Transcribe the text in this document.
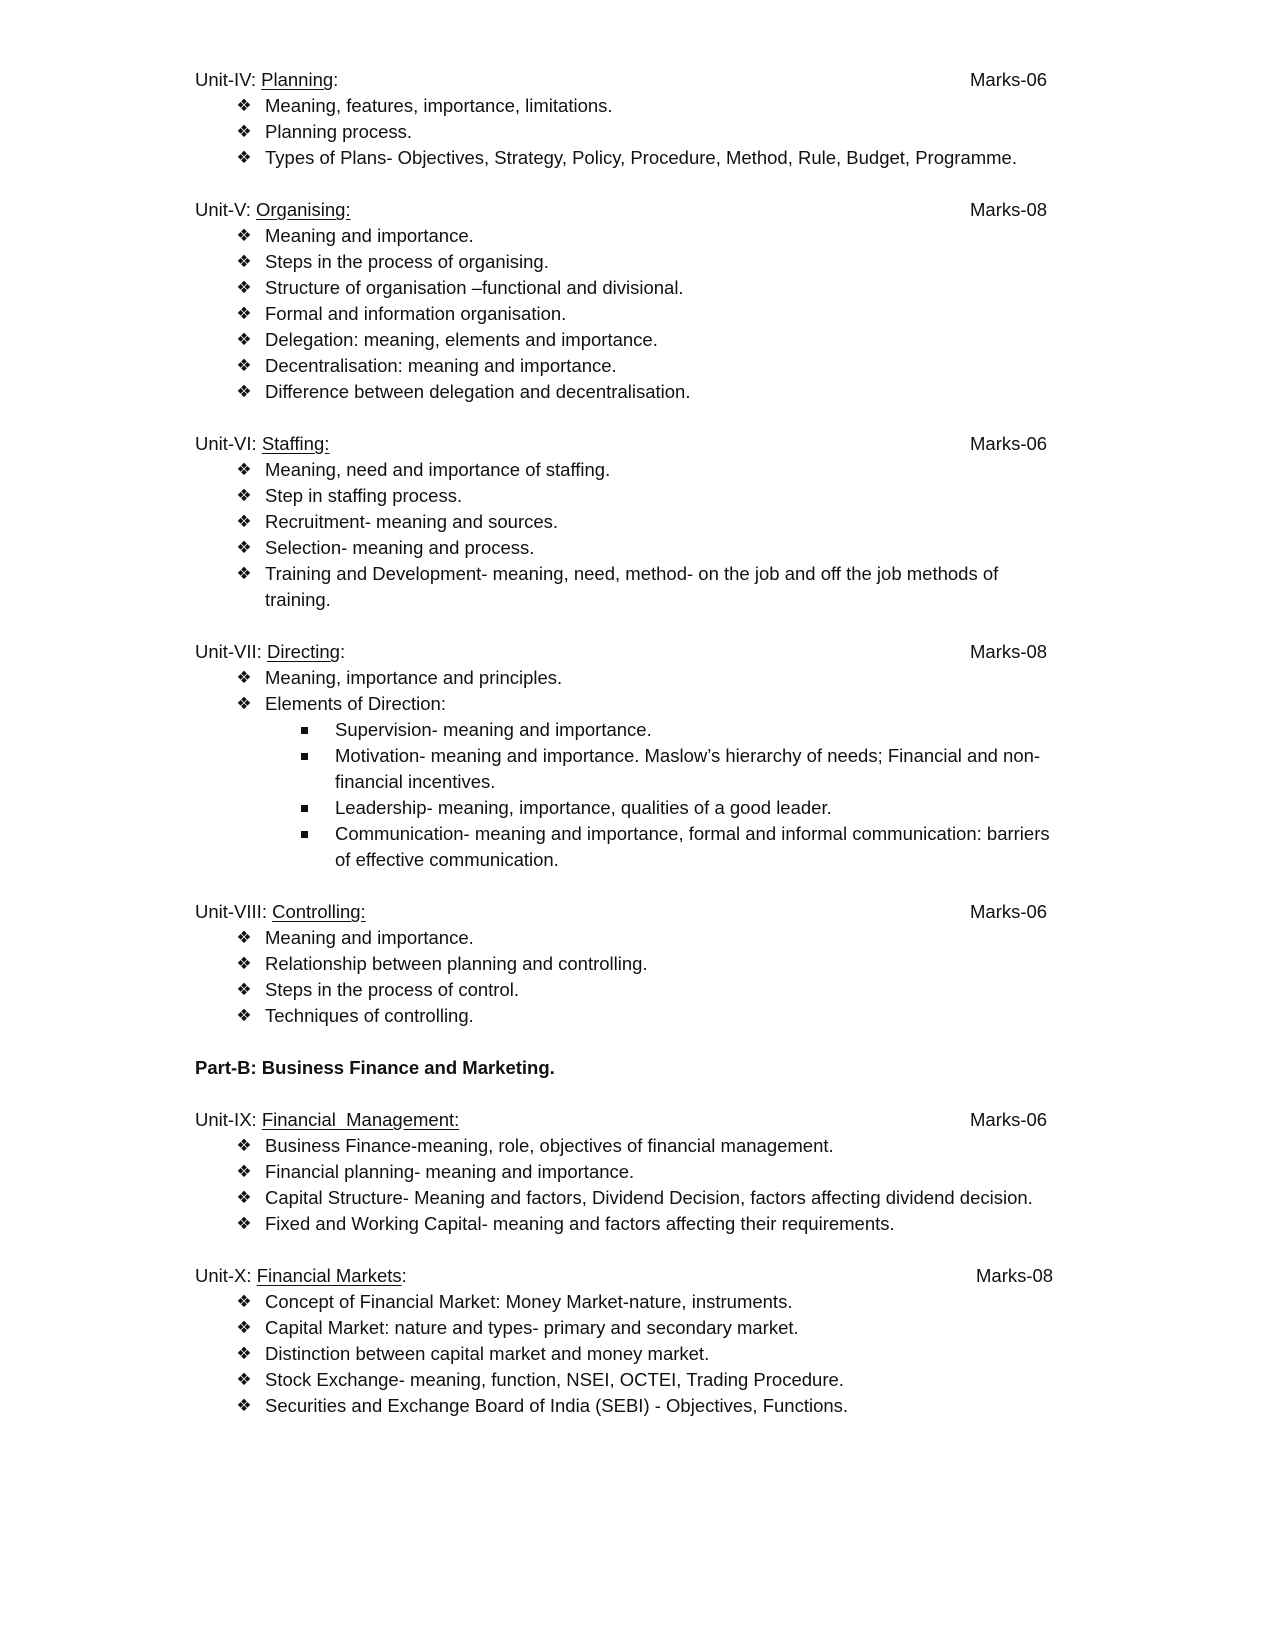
Unit-IV: Planning:	Marks-06
❖ Meaning, features, importance, limitations.
❖ Planning process.
❖ Types of Plans- Objectives, Strategy, Policy, Procedure, Method, Rule, Budget, Programme.
Unit-V: Organising:	Marks-08
❖ Meaning and importance.
❖ Steps in the process of organising.
❖ Structure of organisation –functional and divisional.
❖ Formal and information organisation.
❖ Delegation: meaning, elements and importance.
❖ Decentralisation: meaning and importance.
❖ Difference between delegation and decentralisation.
Unit-VI: Staffing:	Marks-06
❖ Meaning, need and importance of staffing.
❖ Step in staffing process.
❖ Recruitment- meaning and sources.
❖ Selection- meaning and process.
❖ Training and Development- meaning, need, method- on the job and off the job methods of training.
Unit-VII: Directing:	Marks-08
❖ Meaning, importance and principles.
❖ Elements of Direction:
Supervision- meaning and importance.
Motivation- meaning and importance. Maslow’s hierarchy of needs; Financial and non-financial incentives.
Leadership- meaning, importance, qualities of a good leader.
Communication- meaning and importance, formal and informal communication: barriers of effective communication.
Unit-VIII: Controlling:	Marks-06
❖ Meaning and importance.
❖ Relationship between planning and controlling.
❖ Steps in the process of control.
❖ Techniques of controlling.
Part-B: Business Finance and Marketing.
Unit-IX: Financial  Management:	Marks-06
❖ Business Finance-meaning, role, objectives of financial management.
❖ Financial planning- meaning and importance.
❖ Capital Structure- Meaning and factors, Dividend Decision, factors affecting dividend decision.
❖ Fixed and Working Capital- meaning and factors affecting their requirements.
Unit-X: Financial Markets:	Marks-08
❖ Concept of Financial Market: Money Market-nature, instruments.
❖ Capital Market: nature and types- primary and secondary market.
❖ Distinction between capital market and money market.
❖ Stock Exchange- meaning, function, NSEI, OCTEI, Trading Procedure.
❖ Securities and Exchange Board of India (SEBI) - Objectives, Functions.
